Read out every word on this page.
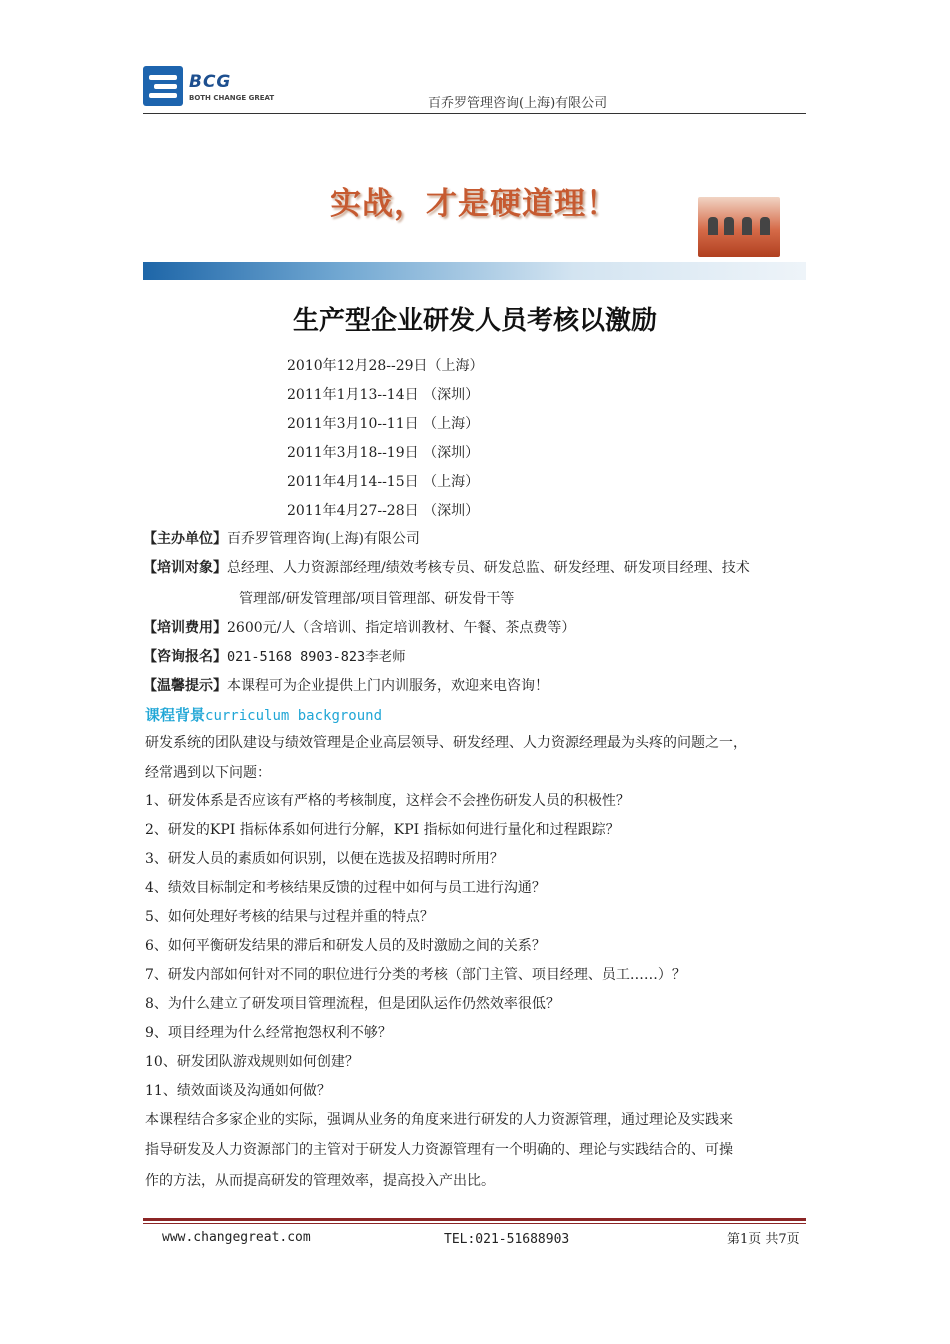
BCG
BOTH CHANGE GREAT	百乔罗管理咨询(上海)有限公司
实战，才是硬道理！
生产型企业研发人员考核以激励
2010年12月28--29日（上海）
2011年1月13--14日 （深圳）
2011年3月10--11日 （上海）
2011年3月18--19日 （深圳）
2011年4月14--15日 （上海）
2011年4月27--28日 （深圳）

【主办单位】百乔罗管理咨询(上海)有限公司

【培训对象】总经理、人力资源部经理/绩效考核专员、研发总监、研发经理、研发项目经理、技术

管理部/研发管理部/项目管理部、研发骨干等

【培训费用】2600元/人（含培训、指定培训教材、午餐、茶点费等）

【咨询报名】021-5168 8903-823李老师

【温馨提示】本课程可为企业提供上门内训服务，欢迎来电咨询！

课程背景curriculum background

研发系统的团队建设与绩效管理是企业高层领导、研发经理、人力资源经理最为头疼的问题之一，

经常遇到以下问题：

1、研发体系是否应该有严格的考核制度，这样会不会挫伤研发人员的积极性？
2、研发的KPI 指标体系如何进行分解，KPI 指标如何进行量化和过程跟踪？
3、研发人员的素质如何识别，以便在选拔及招聘时所用？
4、绩效目标制定和考核结果反馈的过程中如何与员工进行沟通？
5、如何处理好考核的结果与过程并重的特点？
6、如何平衡研发结果的滞后和研发人员的及时激励之间的关系？
7、研发内部如何针对不同的职位进行分类的考核（部门主管、项目经理、员工……）？
8、为什么建立了研发项目管理流程，但是团队运作仍然效率很低？
9、项目经理为什么经常抱怨权利不够？
10、研发团队游戏规则如何创建？
11、绩效面谈及沟通如何做？

本课程结合多家企业的实际，强调从业务的角度来进行研发的人力资源管理，通过理论及实践来

指导研发及人力资源部门的主管对于研发人力资源管理有一个明确的、理论与实践结合的、可操

作的方法，从而提高研发的管理效率，提高投入产出比。

www.changegreat.com	TEL:021-51688903	第1页 共7页
